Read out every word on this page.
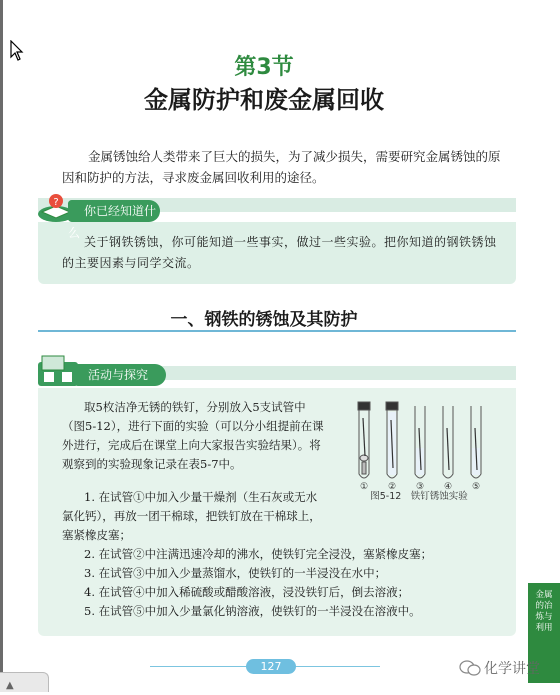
第3节
金属防护和废金属回收
金属锈蚀给人类带来了巨大的损失，为了减少损失，需要研究金属锈蚀的原因和防护的方法，寻求废金属回收利用的途径。
?
你已经知道什么
关于钢铁锈蚀，你可能知道一些事实，做过一些实验。把你知道的钢铁锈蚀的主要因素与同学交流。
一、钢铁的锈蚀及其防护
活动与探究
取5枚洁净无锈的铁钉，分别放入5支试管中（图5-12），进行下面的实验（可以分小组提前在课外进行，完成后在课堂上向大家报告实验结果）。将观察到的实验现象记录在表5-7中。
① ② ③ ④ ⑤
图5-12　铁钉锈蚀实验

1. 在试管①中加入少量干燥剂（生石灰或无水氯化钙），再放一团干棉球，把铁钉放在干棉球上，塞紧橡皮塞；

2. 在试管②中注满迅速冷却的沸水，使铁钉完全浸没，塞紧橡皮塞；

3. 在试管③中加入少量蒸馏水，使铁钉的一半浸没在水中；

4. 在试管④中加入稀硫酸或醋酸溶液，浸没铁钉后，倒去溶液；

5. 在试管⑤中加入少量氯化钠溶液，使铁钉的一半浸没在溶液中。

金属的冶炼与利用
127	化学讲堂
▲
